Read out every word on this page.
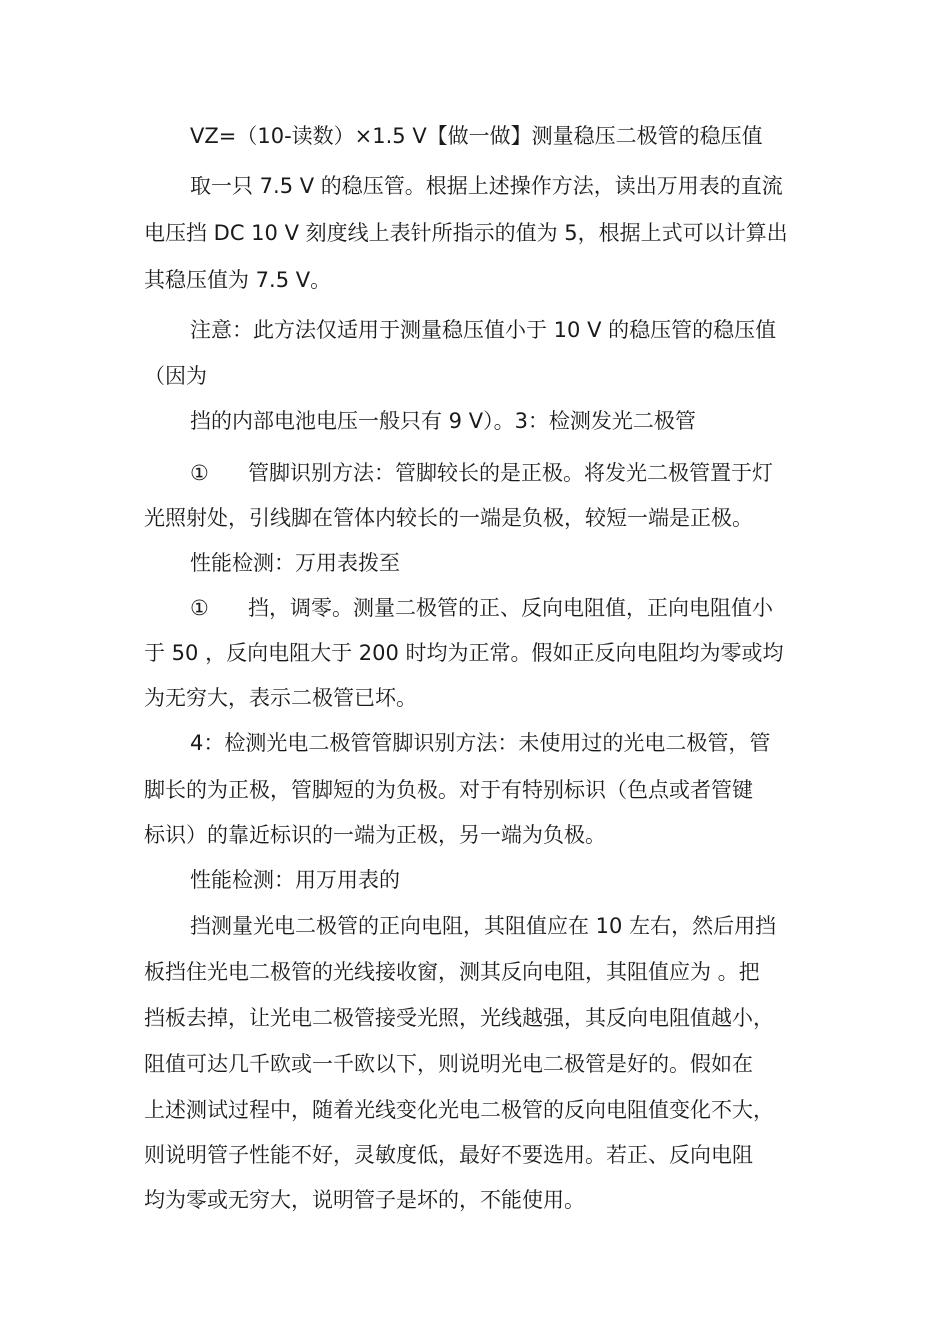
VZ=（10-读数）×1.5 V【做一做】测量稳压二极管的稳压值
取一只 7.5 V 的稳压管。根据上述操作方法，读出万用表的直流
电压挡 DC 10 V 刻度线上表针所指示的值为 5，根据上式可以计算出
其稳压值为 7.5 V。
注意：此方法仅适用于测量稳压值小于 10 V 的稳压管的稳压值
（因为
挡的内部电池电压一般只有 9 V）。3：检测发光二极管
① 管脚识别方法：管脚较长的是正极。将发光二极管置于灯
光照射处，引线脚在管体内较长的一端是负极，较短一端是正极。
性能检测：万用表拨至
① 挡，调零。测量二极管的正、反向电阻值，正向电阻值小
于 50 ，反向电阻大于 200 时均为正常。假如正反向电阻均为零或均
为无穷大，表示二极管已坏。
4：检测光电二极管管脚识别方法：未使用过的光电二极管，管
脚长的为正极，管脚短的为负极。对于有特别标识（色点或者管键
标识）的靠近标识的一端为正极，另一端为负极。
性能检测：用万用表的
挡测量光电二极管的正向电阻，其阻值应在 10 左右，然后用挡
板挡住光电二极管的光线接收窗，测其反向电阻，其阻值应为 。把
挡板去掉，让光电二极管接受光照，光线越强，其反向电阻值越小，
阻值可达几千欧或一千欧以下，则说明光电二极管是好的。假如在
上述测试过程中，随着光线变化光电二极管的反向电阻值变化不大，
则说明管子性能不好，灵敏度低，最好不要选用。若正、反向电阻
均为零或无穷大，说明管子是坏的，不能使用。
